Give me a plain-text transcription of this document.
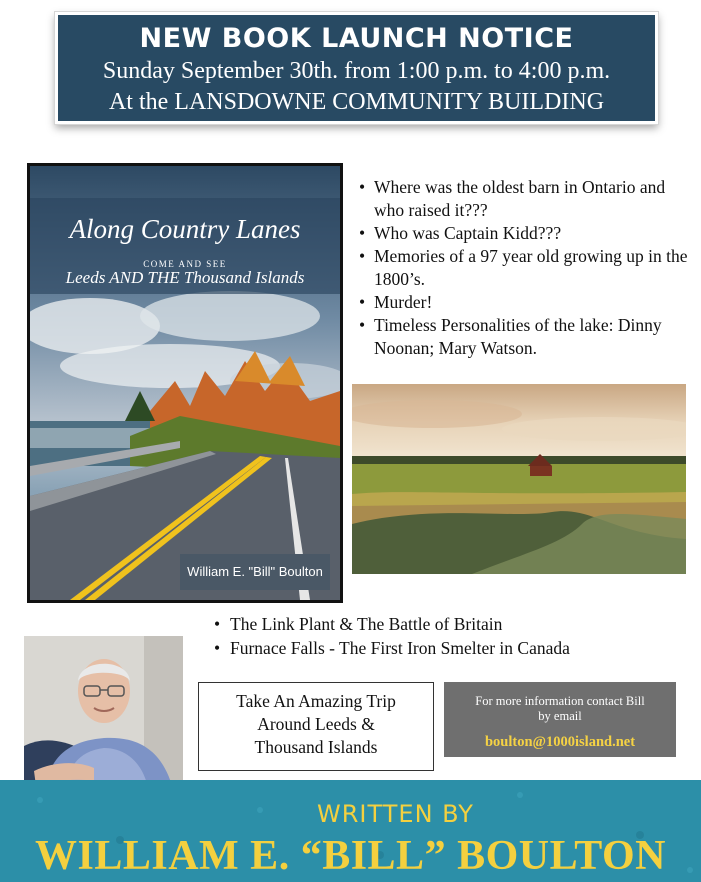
NEW BOOK LAUNCH NOTICE
Sunday September 30th. from 1:00 p.m. to 4:00 p.m.
At the LANSDOWNE COMMUNITY BUILDING
Along Country Lanes
COME AND SEE
Leeds AND THE Thousand Islands
William E. "Bill" Boulton
• Where was the oldest barn in Ontario and who raised it???
• Who was Captain Kidd???
• Memories of a 97 year old growing up in the 1800’s.
• Murder!
• Timeless Personalities of the lake: Dinny Noonan; Mary Watson.
• The Link Plant & The Battle of Britain
• Furnace Falls - The First Iron Smelter in Canada
Take An Amazing Trip
Around Leeds &
Thousand Islands
For more information contact Bill
by email
boulton@1000island.net
WRITTEN BY
WILLIAM E. “BILL” BOULTON
